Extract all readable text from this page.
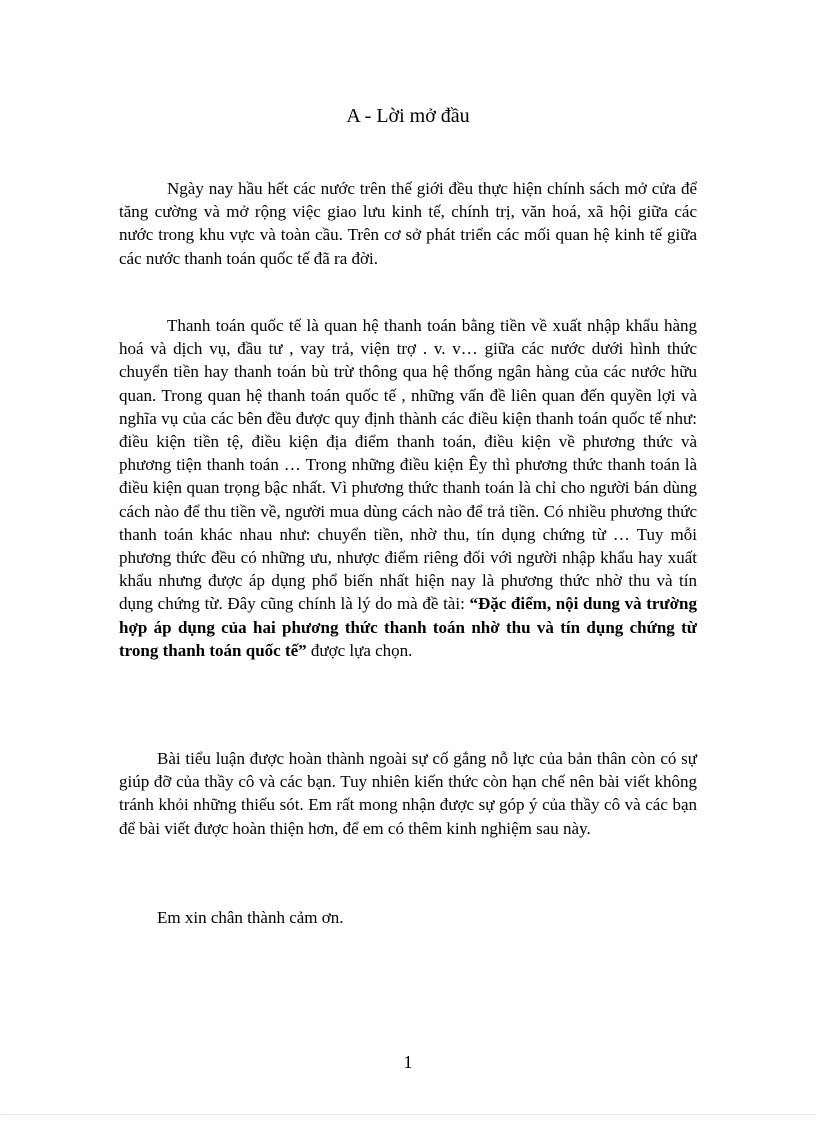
A - Lời mở đầu

Ngày nay hầu hết các nước trên thế giới đều thực hiện chính sách mở cửa để tăng cường và mở rộng việc giao lưu kinh tế, chính trị, văn hoá, xã hội giữa các nước trong khu vực và toàn cầu. Trên cơ sở phát triển các mối quan hệ kinh tế giữa các nước thanh toán quốc tế đã ra đời.

Thanh toán quốc tế là quan hệ thanh toán bằng tiền về xuất nhập khẩu hàng hoá và dịch vụ, đầu tư , vay trả, viện trợ . v. v… giữa các nước dưới hình thức chuyển tiền hay thanh toán bù trừ thông qua hệ thống ngân hàng của các nước hữu quan. Trong quan hệ thanh toán quốc tế , những vấn đề liên quan đến quyền lợi và nghĩa vụ của các bên đều được quy định thành các điều kiện thanh toán quốc tế như: điều kiện tiền tệ, điều kiện địa điểm thanh toán, điều kiện về phương thức và phương tiện thanh toán … Trong những điều kiện Êy thì phương thức thanh toán là điều kiện quan trọng bậc nhất. Vì phương thức thanh toán là chỉ cho người bán dùng cách nào để thu tiền về, người mua dùng cách nào để trả tiền. Có nhiều phương thức thanh toán khác nhau như: chuyển tiền, nhờ thu, tín dụng chứng từ … Tuy mỗi phương thức đều có những ưu, nhược điểm riêng đối với người nhập khẩu hay xuất khẩu nhưng được áp dụng phổ biến nhất hiện nay là phương thức nhờ thu và tín dụng chứng từ. Đây cũng chính là lý do mà đề tài: “Đặc điểm, nội dung và trường hợp áp dụng của hai phương thức thanh toán nhờ thu và tín dụng chứng từ trong thanh toán quốc tế” được lựa chọn.

Bài tiểu luận được hoàn thành ngoài sự cố gắng nỗ lực của bản thân còn có sự giúp đỡ của thầy cô và các bạn. Tuy nhiên kiến thức còn hạn chế nên bài viết không tránh khỏi những thiếu sót. Em rất mong nhận được sự góp ý của thầy cô và các bạn để bài viết được hoàn thiện hơn, để em có thêm kinh nghiệm sau này.

Em xin chân thành cảm ơn.

1
